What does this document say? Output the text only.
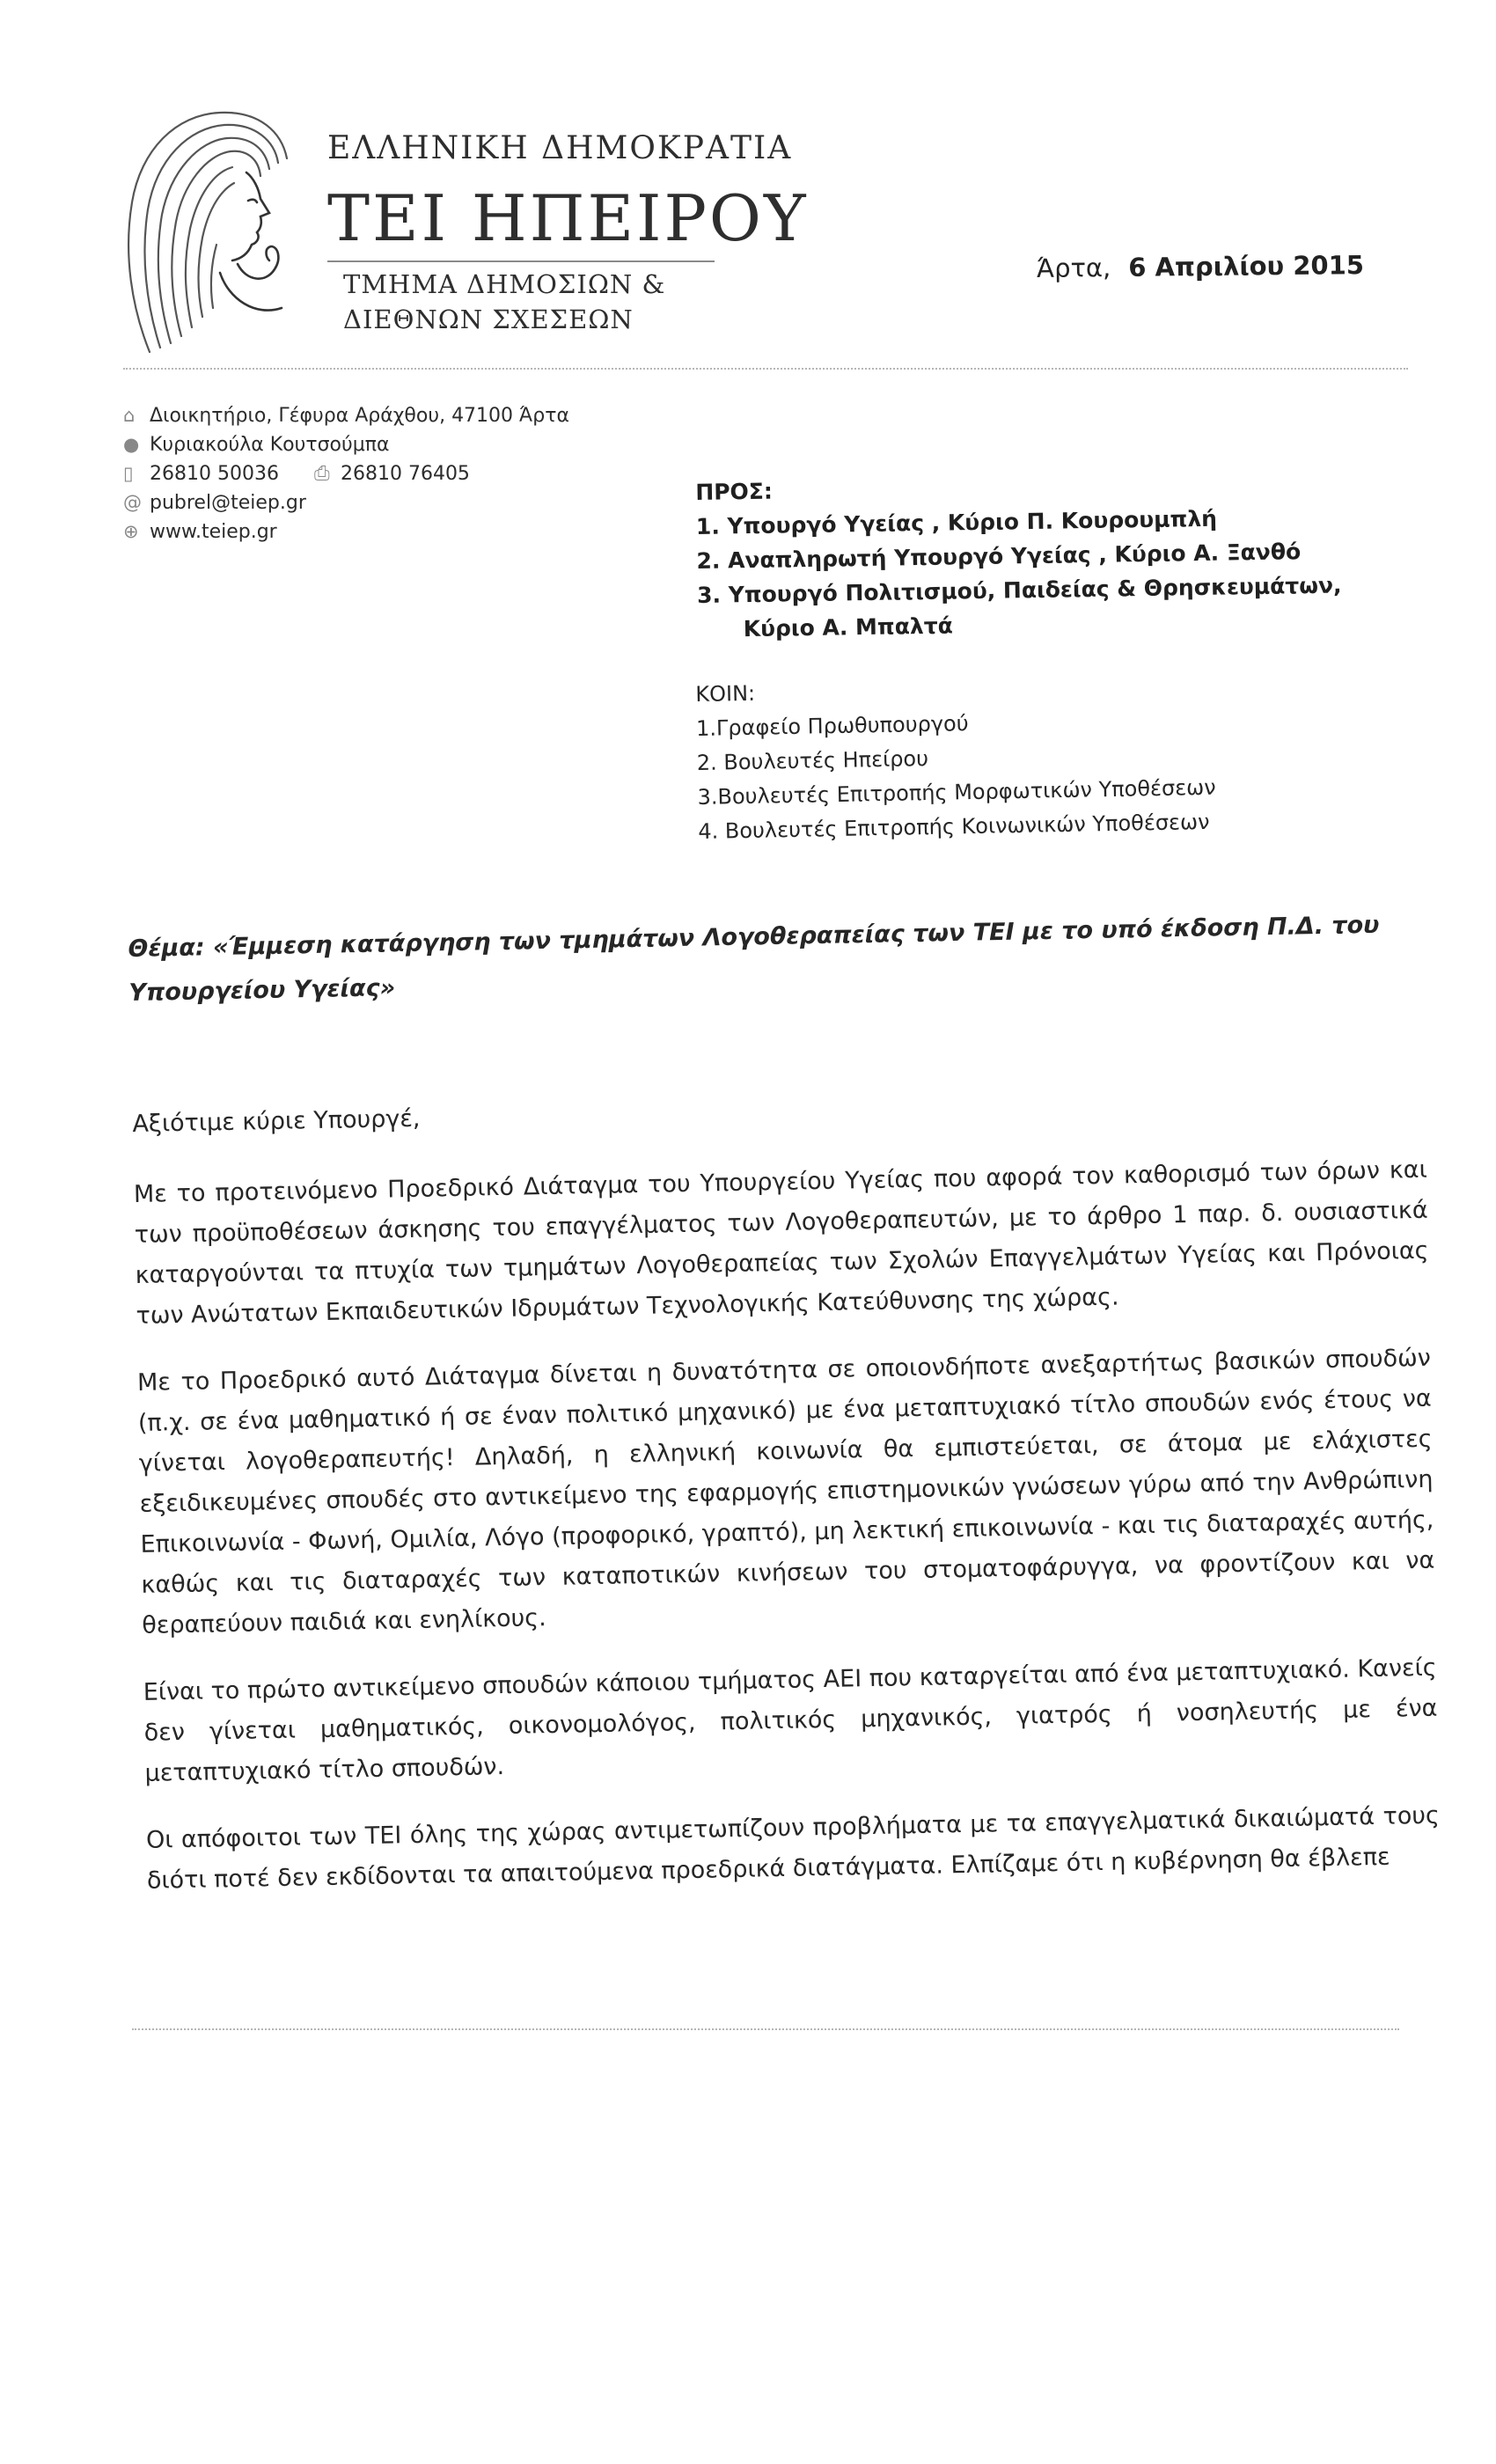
ΕΛΛΗΝΙΚΗ ΔΗΜΟΚΡΑΤΙΑ
ΤΕΙ ΗΠΕΙΡΟΥ
ΤΜΗΜΑ ΔΗΜΟΣΙΩΝ &
ΔΙΕΘΝΩΝ ΣΧΕΣΕΩΝ
Άρτα, 6 Απριλίου 2015
⌂ Διοικητήριο, Γέφυρα Αράχθου, 47100 Άρτα
● Κυριακούλα Κουτσούμπα
▯ 26810 50036 ⎙ 26810 76405
@ pubrel@teiep.gr
⊕ www.teiep.gr
ΠΡΟΣ:
1. Υπουργό Υγείας , Κύριο Π. Κουρουμπλή
2. Αναπληρωτή Υπουργό Υγείας , Κύριο Α. Ξανθό
3. Υπουργό Πολιτισμού, Παιδείας & Θρησκευμάτων,
Κύριο Α. Μπαλτά
ΚΟΙΝ:
1.Γραφείο Πρωθυπουργού
2. Βουλευτές Ηπείρου
3.Βουλευτές Επιτροπής Μορφωτικών Υποθέσεων
4. Βουλευτές Επιτροπής Κοινωνικών Υποθέσεων
Θέμα: «Έμμεση κατάργηση των τμημάτων Λογοθεραπείας των ΤΕΙ με το υπό έκδοση Π.Δ. του Υπουργείου Υγείας»

Αξιότιμε κύριε Υπουργέ,

Με το προτεινόμενο Προεδρικό Διάταγμα του Υπουργείου Υγείας που αφορά τον καθορισμό των όρων και των προϋποθέσεων άσκησης του επαγγέλματος των Λογοθεραπευτών, με το άρθρο 1 παρ. δ. ουσιαστικά καταργούνται τα πτυχία των τμημάτων Λογοθεραπείας των Σχολών Επαγγελμάτων Υγείας και Πρόνοιας των Ανώτατων Εκπαιδευτικών Ιδρυμάτων Τεχνολογικής Κατεύθυνσης της χώρας.

Με το Προεδρικό αυτό Διάταγμα δίνεται η δυνατότητα σε οποιονδήποτε ανεξαρτήτως βασικών σπουδών (π.χ. σε ένα μαθηματικό ή σε έναν πολιτικό μηχανικό) με ένα μεταπτυχιακό τίτλο σπουδών ενός έτους να γίνεται λογοθεραπευτής! Δηλαδή, η ελληνική κοινωνία θα εμπιστεύεται, σε άτομα με ελάχιστες εξειδικευμένες σπουδές στο αντικείμενο της εφαρμογής επιστημονικών γνώσεων γύρω από την Ανθρώπινη Επικοινωνία - Φωνή, Ομιλία, Λόγο (προφορικό, γραπτό), μη λεκτική επικοινωνία - και τις διαταραχές αυτής, καθώς και τις διαταραχές των καταποτικών κινήσεων του στοματοφάρυγγα, να φροντίζουν και να θεραπεύουν παιδιά και ενηλίκους.

Είναι το πρώτο αντικείμενο σπουδών κάποιου τμήματος ΑΕΙ που καταργείται από ένα μεταπτυχιακό. Κανείς δεν γίνεται μαθηματικός, οικονομολόγος, πολιτικός μηχανικός, γιατρός ή νοσηλευτής με ένα μεταπτυχιακό τίτλο σπουδών.

Οι απόφοιτοι των ΤΕΙ όλης της χώρας αντιμετωπίζουν προβλήματα με τα επαγγελματικά δικαιώματά τους διότι ποτέ δεν εκδίδονται τα απαιτούμενα προεδρικά διατάγματα. Ελπίζαμε ότι η κυβέρνηση θα έβλεπε
